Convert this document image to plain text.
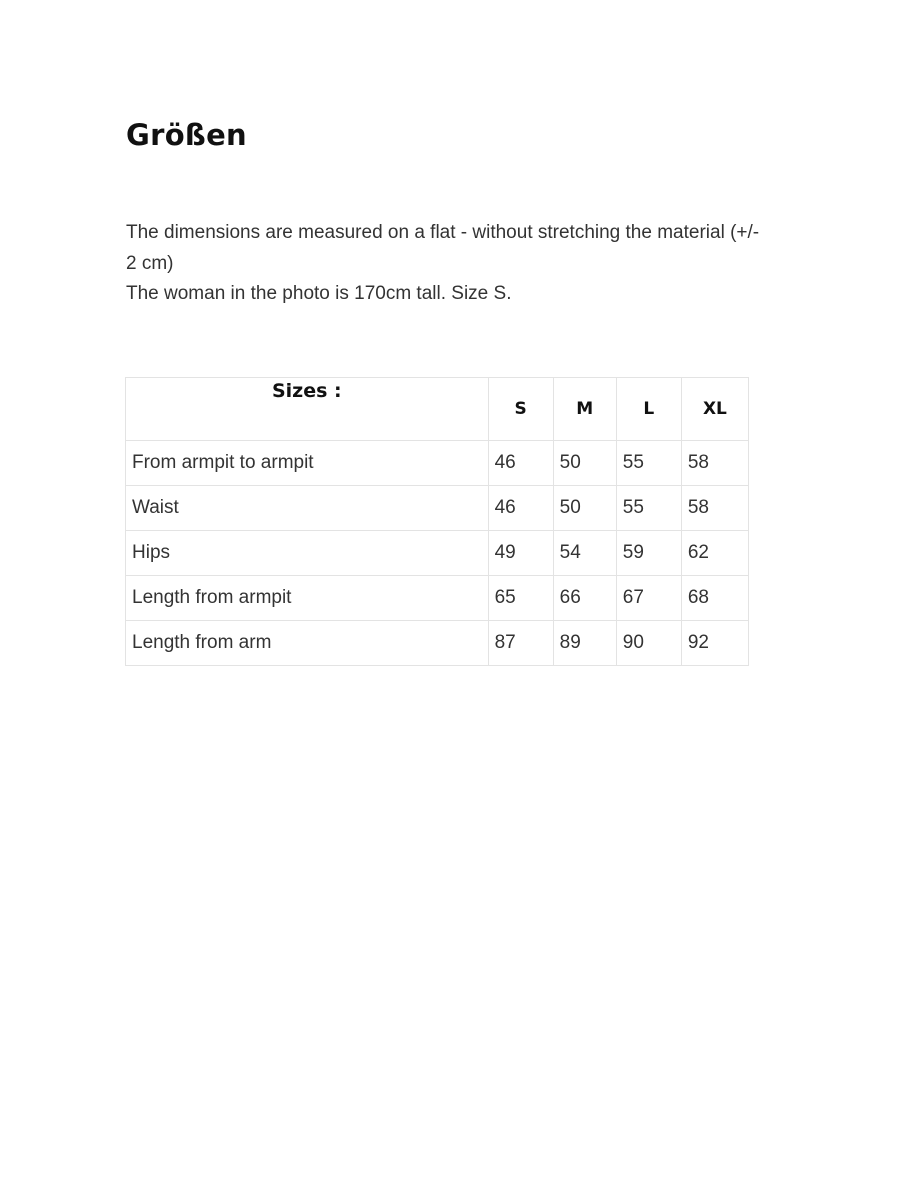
Größen

The dimensions are measured on a flat - without stretching the material (+/- 2 cm)

The woman in the photo is 170cm tall. Size S.

Sizes :	S	M	L	XL
From armpit to armpit	46	50	55	58
Waist	46	50	55	58
Hips	49	54	59	62
Length from armpit	65	66	67	68
Length from arm	87	89	90	92
